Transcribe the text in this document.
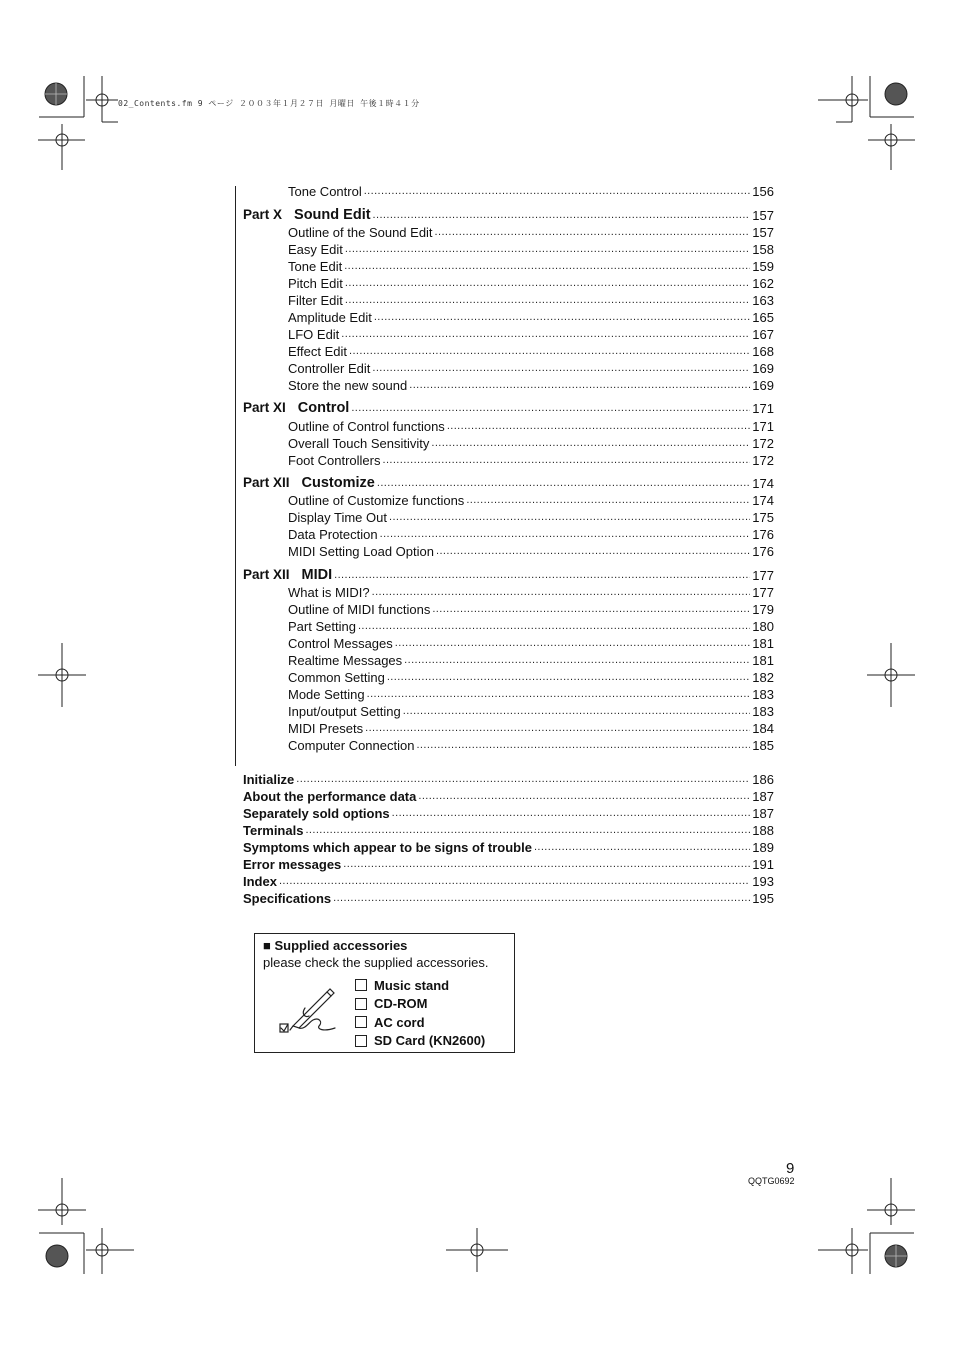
02_Contents.fm 9 ページ ２００３年１月２７日 月曜日 午後１時４１分
Tone Control .....	156
Part X Sound Edit .....	157
Outline of the Sound Edit .....	157
Easy Edit .....	158
Tone Edit .....	159
Pitch Edit .....	162
Filter Edit .....	163
Amplitude Edit .....	165
LFO Edit .....	167
Effect Edit .....	168
Controller Edit .....	169
Store the new sound .....	169
Part XI Control .....	171
Outline of Control functions .....	171
Overall Touch Sensitivity .....	172
Foot Controllers .....	172
Part XII Customize .....	174
Outline of Customize functions .....	174
Display Time Out .....	175
Data Protection .....	176
MIDI Setting Load Option .....	176
Part XII MIDI .....	177
What is MIDI? .....	177
Outline of MIDI functions .....	179
Part Setting .....	180
Control Messages .....	181
Realtime Messages .....	181
Common Setting .....	182
Mode Setting .....	183
Input/output Setting .....	183
MIDI Presets .....	184
Computer Connection .....	185
Initialize .....	186
About the performance data .....	187
Separately sold options .....	187
Terminals .....	188
Symptoms which appear to be signs of trouble .....	189
Error messages .....	191
Index .....	193
Specifications .....	195
■ Supplied accessories
please check the supplied accessories.
Music stand
CD-ROM
AC cord
SD Card (KN2600)
9
QQTG0692
